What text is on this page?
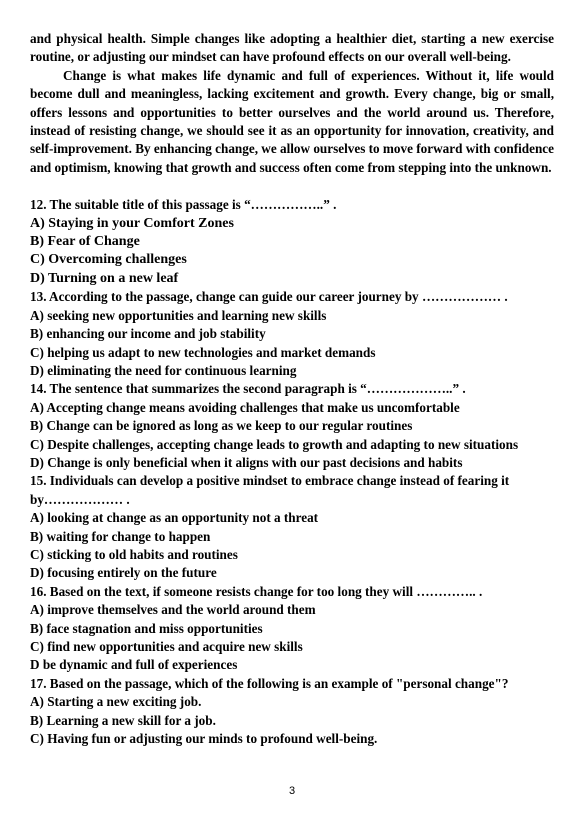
and physical health. Simple changes like adopting a healthier diet, starting a new exercise routine, or adjusting our mindset can have profound effects on our overall well-being.

Change is what makes life dynamic and full of experiences. Without it, life would become dull and meaningless, lacking excitement and growth. Every change, big or small, offers lessons and opportunities to better ourselves and the world around us. Therefore, instead of resisting change, we should see it as an opportunity for innovation, creativity, and self-improvement. By enhancing change, we allow ourselves to move forward with confidence and optimism, knowing that growth and success often come from stepping into the unknown.

12. The suitable title of this passage is “……………..” .

A) Staying in your Comfort Zones

B) Fear of Change

C) Overcoming challenges

D) Turning on a new leaf

13. According to the passage, change can guide our career journey by ……………… .

A) seeking new opportunities and learning new skills

B) enhancing our income and job stability

C) helping us adapt to new technologies and market demands

D) eliminating the need for continuous learning

14. The sentence that summarizes the second paragraph is “………………..” .

A) Accepting change means avoiding challenges that make us uncomfortable

B) Change can be ignored as long as we keep to our regular routines

C) Despite challenges, accepting change leads to growth and adapting to new situations

D) Change is only beneficial when it aligns with our past decisions and habits

15. Individuals can develop a positive mindset to embrace change instead of fearing it by……………… .

A) looking at change as an opportunity not a threat

B) waiting for change to happen

C) sticking to old habits and routines

D) focusing entirely on the future

16. Based on the text, if someone resists change for too long they will ………….. .

A) improve themselves and the world around them

B) face stagnation and miss opportunities

C) find new opportunities and acquire new skills

D be dynamic and full of experiences

17. Based on the passage, which of the following is an example of "personal change"?

A) Starting a new exciting job.

B) Learning a new skill for a job.

C) Having fun or adjusting our minds to profound well-being.

3
